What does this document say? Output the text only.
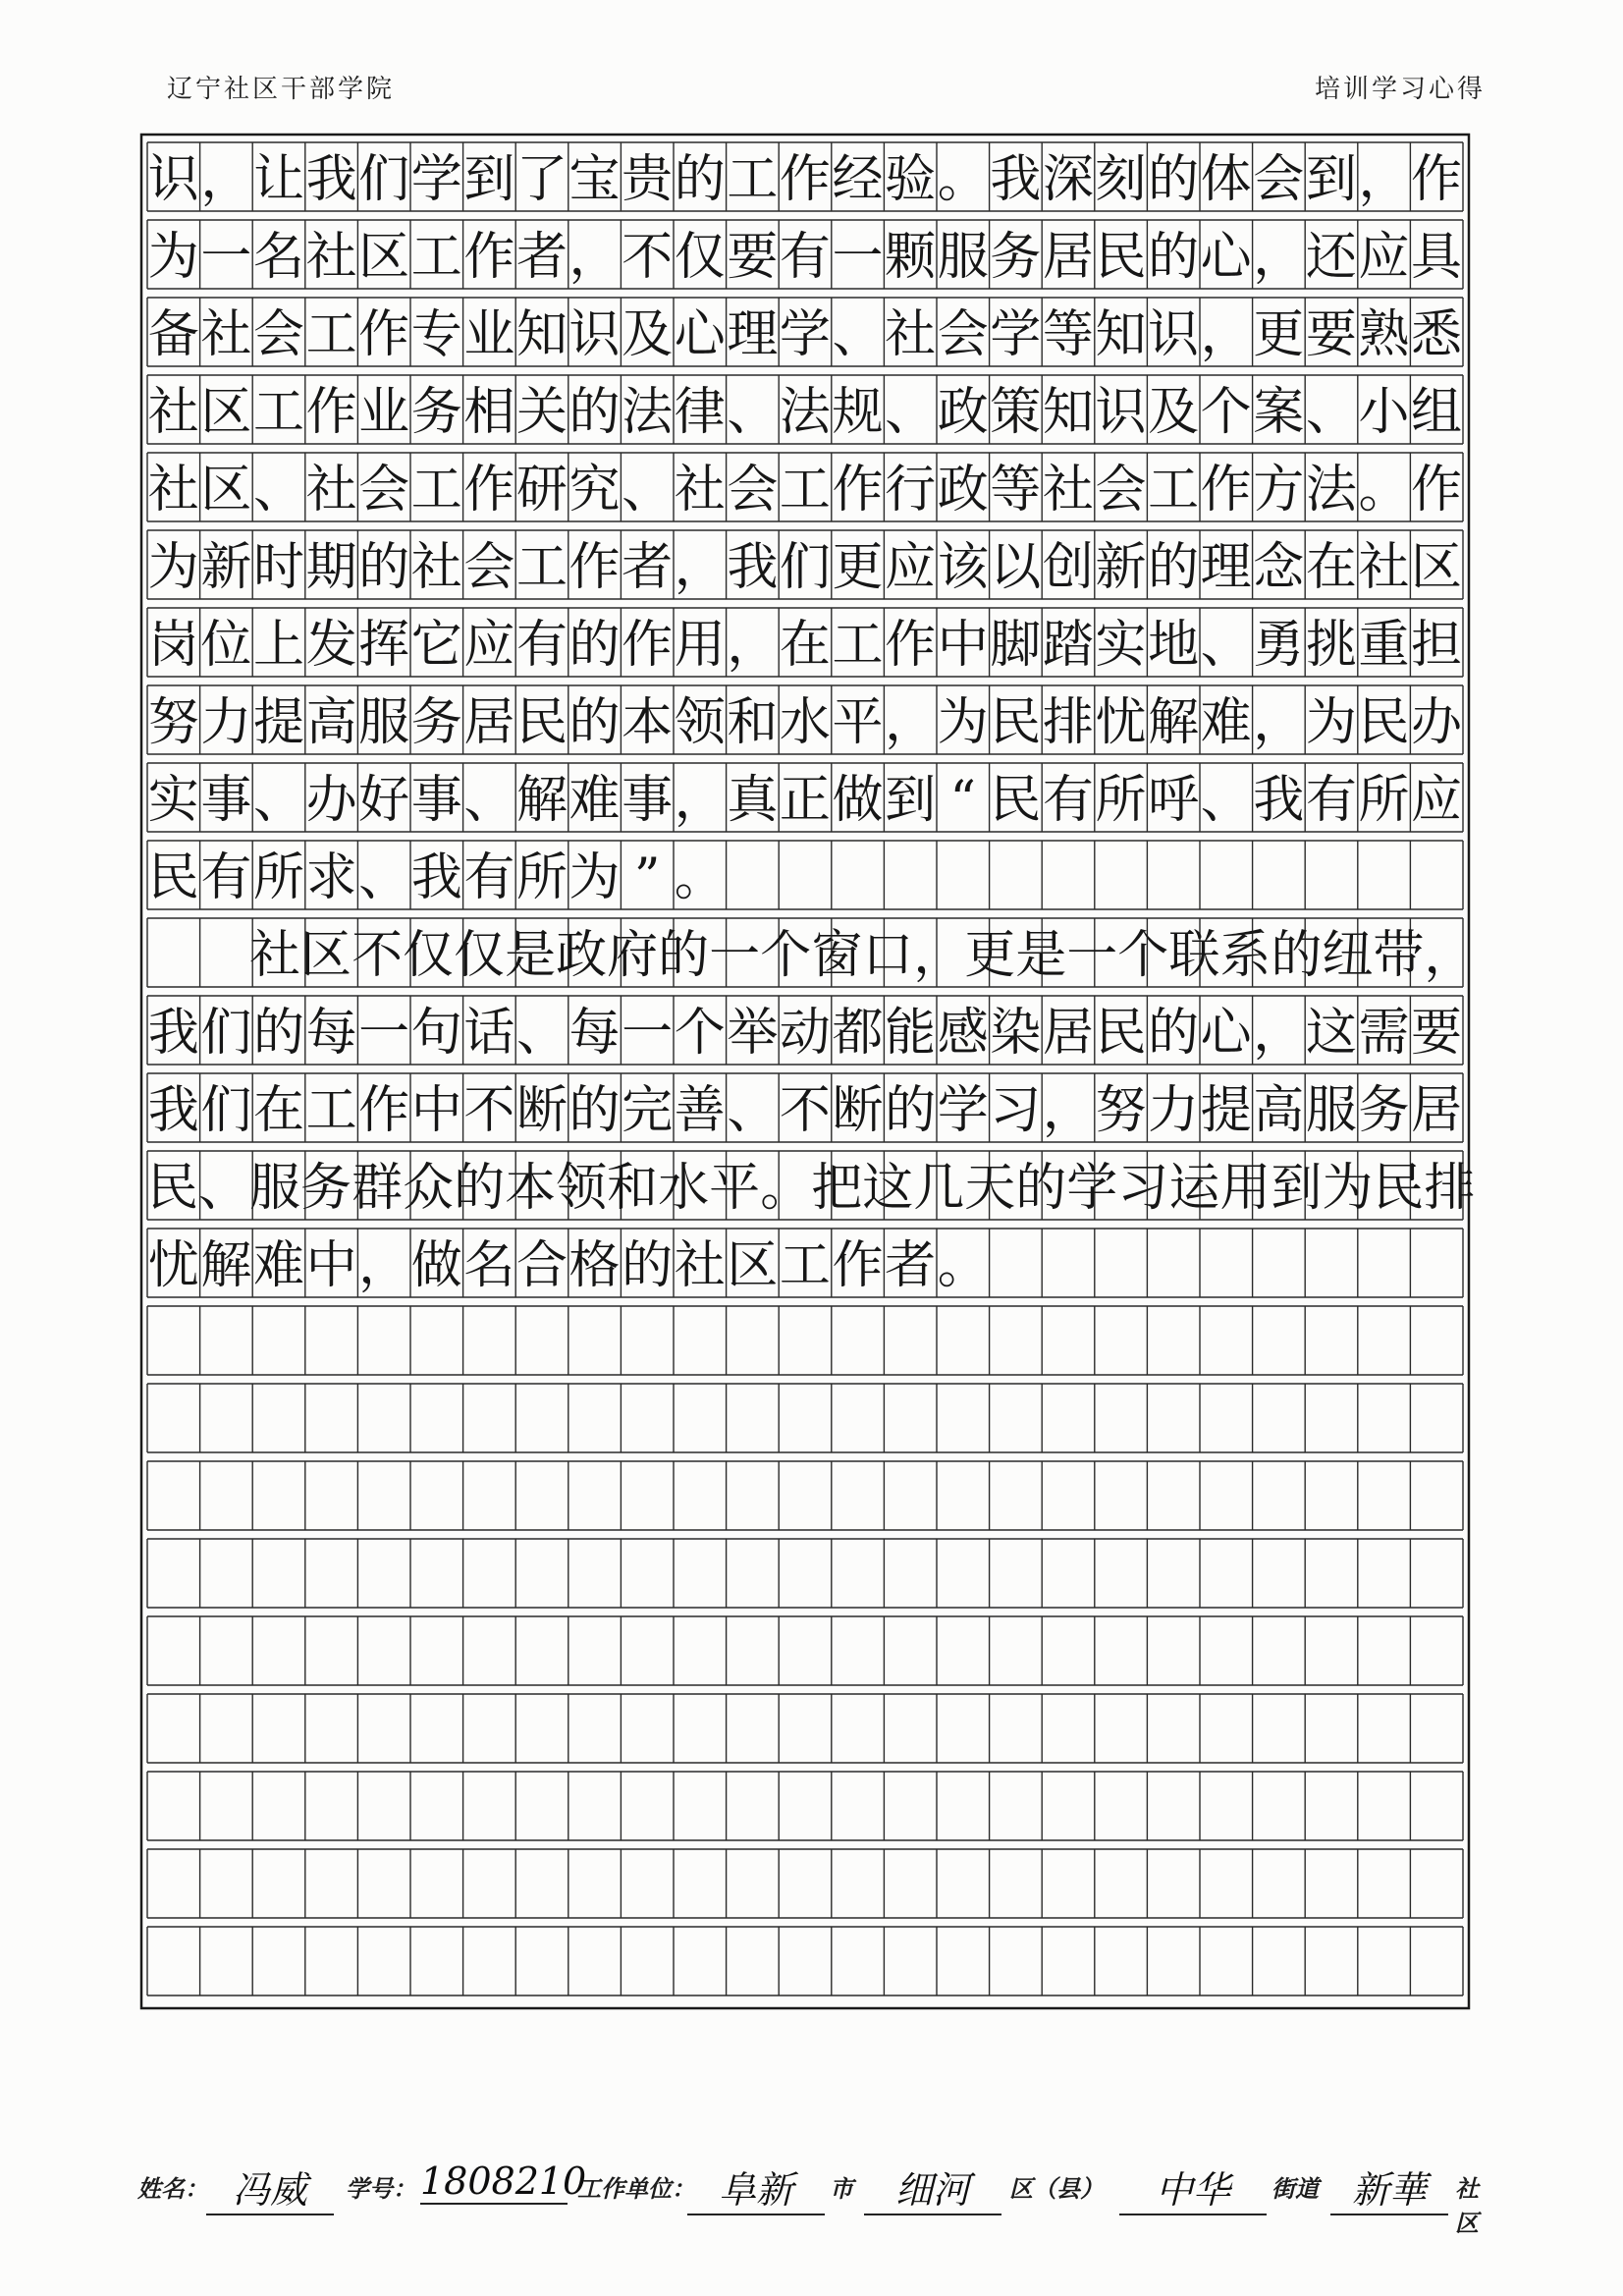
辽宁社区干部学院	培训学习心得
识 ， 让 我 们 学 到 了 宝 贵 的 工 作 经 验 。 我 深 刻 的 体 会 到 ， 作
为 一 名 社 区 工 作 者 ， 不 仅 要 有 一 颗 服 务 居 民 的 心 ， 还 应 具
备 社 会 工 作 专 业 知 识 及 心 理 学 、 社 会 学 等 知 识 ， 更 要 熟 悉
社 区 工 作 业 务 相 关 的 法 律 、 法 规 、 政 策 知 识 及 个 案 、 小 组
社 区 、 社 会 工 作 研 究 、 社 会 工 作 行 政 等 社 会 工 作 方 法 。 作
为 新 时 期 的 社 会 工 作 者 ， 我 们 更 应 该 以 创 新 的 理 念 在 社 区
岗 位 上 发 挥 它 应 有 的 作 用 ， 在 工 作 中 脚 踏 实 地 、 勇 挑 重 担
努 力 提 高 服 务 居 民 的 本 领 和 水 平 ， 为 民 排 忧 解 难 ， 为 民 办
实 事 、 办 好 事 、 解 难 事 ， 真 正 做 到 “ 民 有 所 呼 、 我 有 所 应
民 有 所 求 、 我 有 所 为 ” 。

社 区 不 仅 仅 是 政 府 的 一 个 窗 口 ， 更 是 一 个 联 系 的 纽 带 ，
我 们 的 每 一 句 话 、 每 一 个 举 动 都 能 感 染 居 民 的 心 ， 这 需 要
我 们 在 工 作 中 不 断 的 完 善 、 不 断 的 学 习 ， 努 力 提 高 服 务 居
民 、 服 务 群 众 的 本 领 和 水 平 。 把 这 几 天 的 学 习 运 用 到 为 民 排
忧 解 难 中 ， 做 名 合 格 的 社 区 工 作 者 。
姓名： 冯威	学号： 1808210
工作单位： 阜新	市	细河	区（县）	中华	街道 新華	社区
